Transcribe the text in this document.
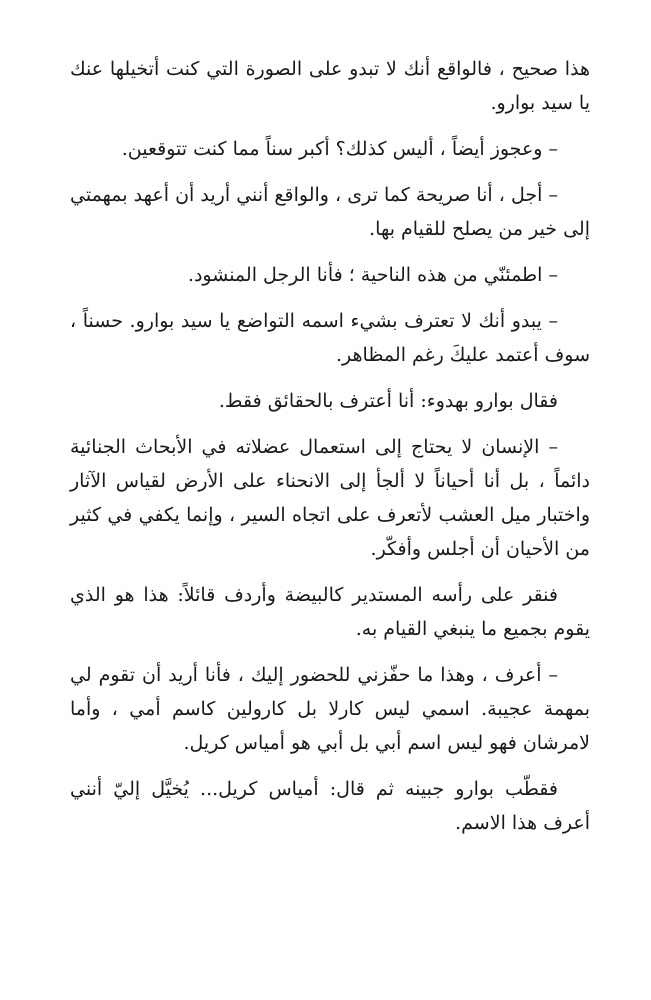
هذا صحيح ، فالواقع أنك لا تبدو على الصورة التي كنت أتخيلها عنك يا سيد بوارو.

– وعجوز أيضاً ، أليس كذلك؟ أكبر سناً مما كنت تتوقعين.

– أجل ، أنا صريحة كما ترى ، والواقع أنني أريد أن أعهد بمهمتي إلى خير من يصلح للقيام بها.

– اطمئنّي من هذه الناحية ؛ فأنا الرجل المنشود.

– يبدو أنك لا تعترف بشيء اسمه التواضع يا سيد بوارو. حسناً ، سوف أعتمد عليكَ رغم المظاهر.

فقال بوارو بهدوء: أنا أعترف بالحقائق فقط.

– الإنسان لا يحتاج إلى استعمال عضلاته في الأبحاث الجنائية دائماً ، بل أنا أحياناً لا ألجأ إلى الانحناء على الأرض لقياس الآثار واختبار ميل العشب لأتعرف على اتجاه السير ، وإنما يكفي في كثير من الأحيان أن أجلس وأفكّر.

فنقر على رأسه المستدير كالبيضة وأردف قائلاً: هذا هو الذي يقوم بجميع ما ينبغي القيام به.

– أعرف ، وهذا ما حفّزني للحضور إليك ، فأنا أريد أن تقوم لي بمهمة عجيبة. اسمي ليس كارلا بل كارولين كاسم أمي ، وأما لامرشان فهو ليس اسم أبي بل أبي هو أمياس كريل.

فقطّب بوارو جبينه ثم قال: أمياس كريل... يُخيَّل إليّ أنني أعرف هذا الاسم.
